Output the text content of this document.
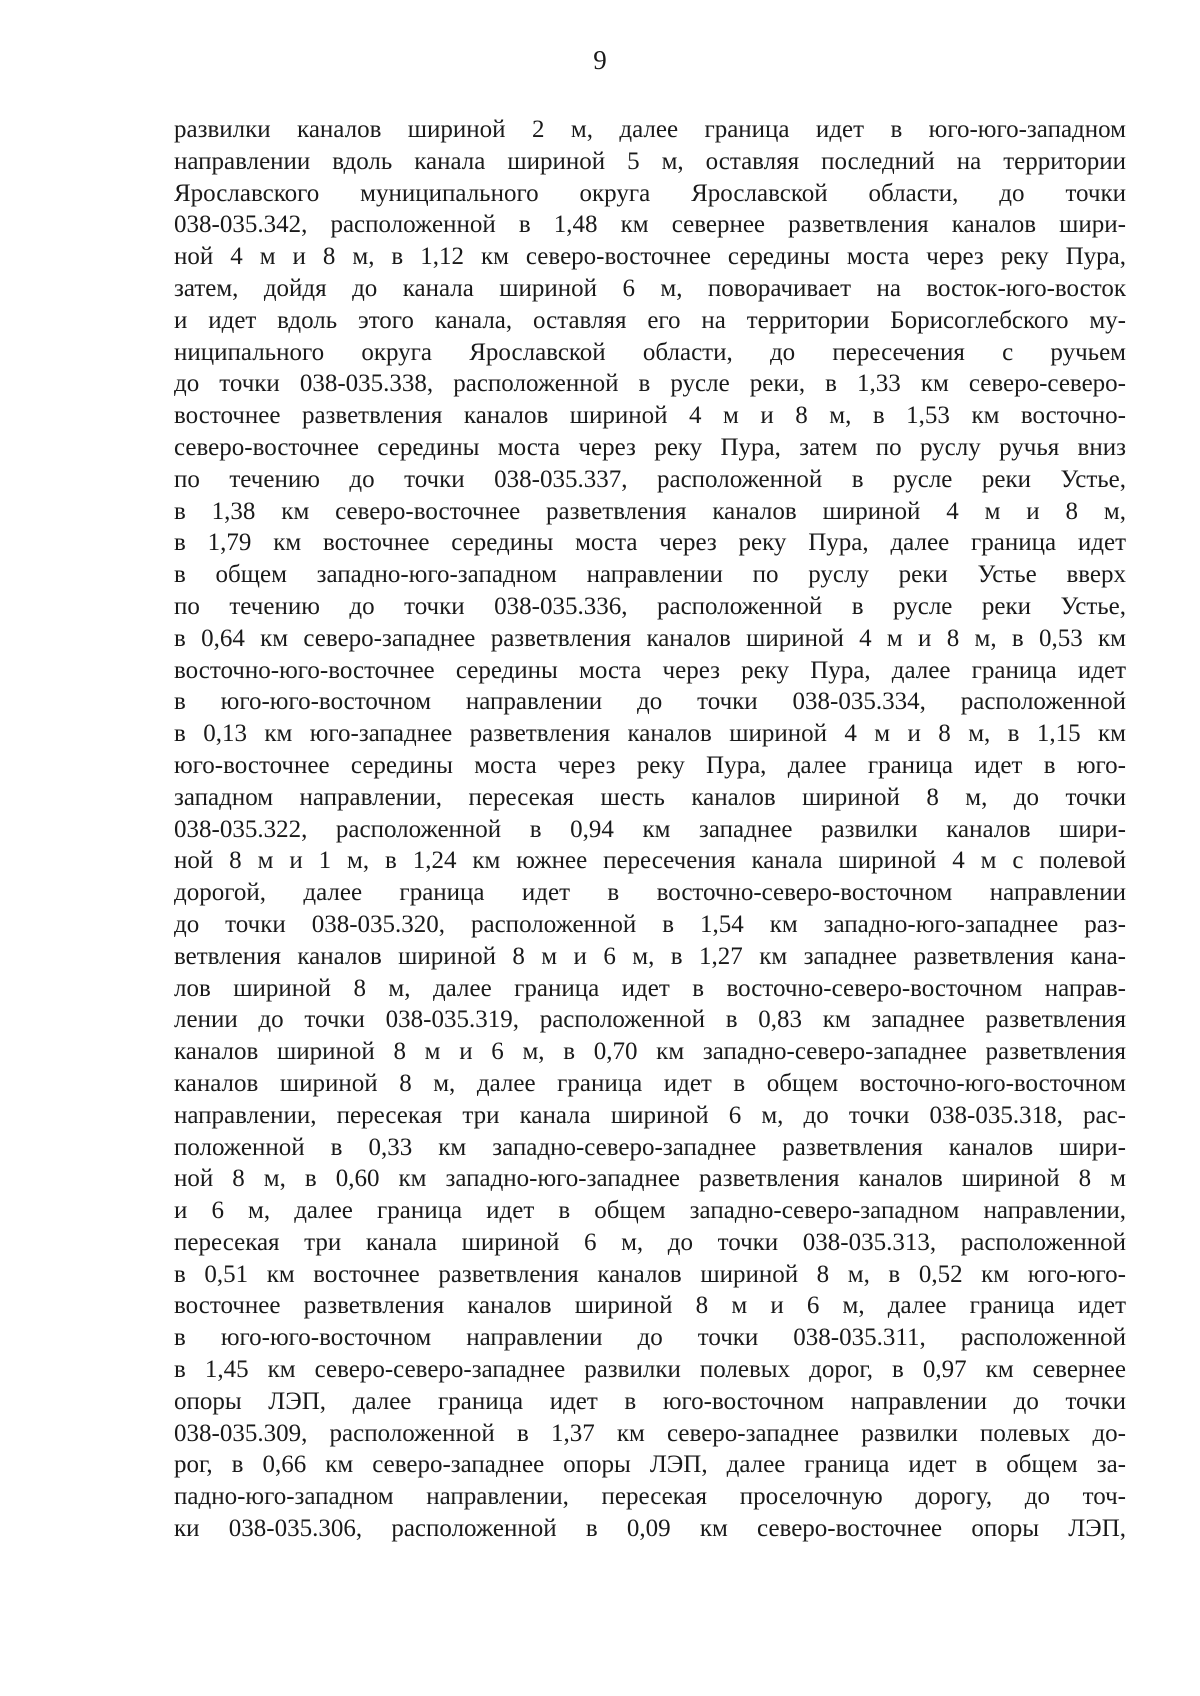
9
развилки каналов шириной 2 м, далее граница идет в юго-юго-западном
направлении вдоль канала шириной 5 м, оставляя последний на территории
Ярославского муниципального округа Ярославской области, до точки
038-035.342, расположенной в 1,48 км севернее разветвления каналов шири-
ной 4 м и 8 м, в 1,12 км северо-восточнее середины моста через реку Пура,
затем, дойдя до канала шириной 6 м, поворачивает на восток-юго-восток
и идет вдоль этого канала, оставляя его на территории Борисоглебского му-
ниципального округа Ярославской области, до пересечения с ручьем
до точки 038-035.338, расположенной в русле реки, в 1,33 км северо-северо-
восточнее разветвления каналов шириной 4 м и 8 м, в 1,53 км восточно-
северо-восточнее середины моста через реку Пура, затем по руслу ручья вниз
по течению до точки 038-035.337, расположенной в русле реки Устье,
в 1,38 км северо-восточнее разветвления каналов шириной 4 м и 8 м,
в 1,79 км восточнее середины моста через реку Пура, далее граница идет
в общем западно-юго-западном направлении по руслу реки Устье вверх
по течению до точки 038-035.336, расположенной в русле реки Устье,
в 0,64 км северо-западнее разветвления каналов шириной 4 м и 8 м, в 0,53 км
восточно-юго-восточнее середины моста через реку Пура, далее граница идет
в юго-юго-восточном направлении до точки 038-035.334, расположенной
в 0,13 км юго-западнее разветвления каналов шириной 4 м и 8 м, в 1,15 км
юго-восточнее середины моста через реку Пура, далее граница идет в юго-
западном направлении, пересекая шесть каналов шириной 8 м, до точки
038-035.322, расположенной в 0,94 км западнее развилки каналов шири-
ной 8 м и 1 м, в 1,24 км южнее пересечения канала шириной 4 м с полевой
дорогой, далее граница идет в восточно-северо-восточном направлении
до точки 038-035.320, расположенной в 1,54 км западно-юго-западнее раз-
ветвления каналов шириной 8 м и 6 м, в 1,27 км западнее разветвления кана-
лов шириной 8 м, далее граница идет в восточно-северо-восточном направ-
лении до точки 038-035.319, расположенной в 0,83 км западнее разветвления
каналов шириной 8 м и 6 м, в 0,70 км западно-северо-западнее разветвления
каналов шириной 8 м, далее граница идет в общем восточно-юго-восточном
направлении, пересекая три канала шириной 6 м, до точки 038-035.318, рас-
положенной в 0,33 км западно-северо-западнее разветвления каналов шири-
ной 8 м, в 0,60 км западно-юго-западнее разветвления каналов шириной 8 м
и 6 м, далее граница идет в общем западно-северо-западном направлении,
пересекая три канала шириной 6 м, до точки 038-035.313, расположенной
в 0,51 км восточнее разветвления каналов шириной 8 м, в 0,52 км юго-юго-
восточнее разветвления каналов шириной 8 м и 6 м, далее граница идет
в юго-юго-восточном направлении до точки 038-035.311, расположенной
в 1,45 км северо-северо-западнее развилки полевых дорог, в 0,97 км севернее
опоры ЛЭП, далее граница идет в юго-восточном направлении до точки
038-035.309, расположенной в 1,37 км северо-западнее развилки полевых до-
рог, в 0,66 км северо-западнее опоры ЛЭП, далее граница идет в общем за-
падно-юго-западном направлении, пересекая проселочную дорогу, до точ-
ки 038-035.306, расположенной в 0,09 км северо-восточнее опоры ЛЭП,
